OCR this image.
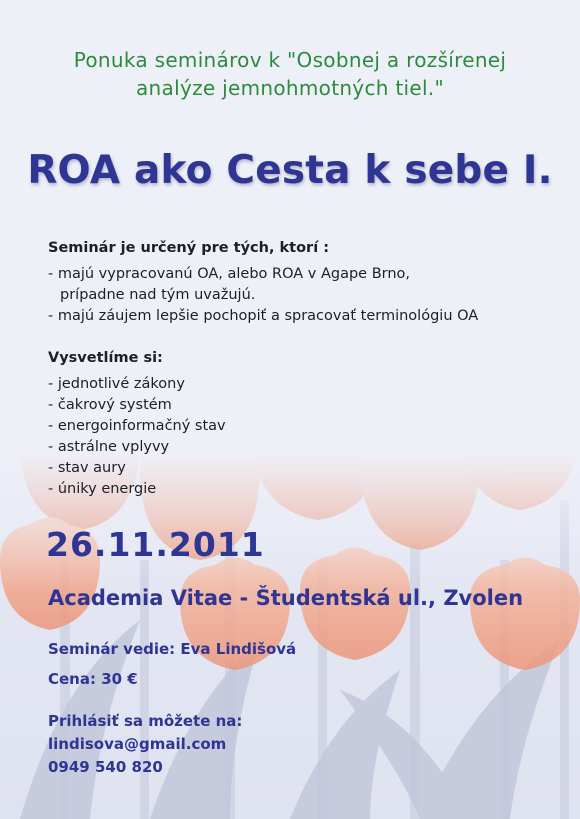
Ponuka seminárov k "Osobnej a rozšírenej
analýze jemnohmotných tiel."
ROA ako Cesta k sebe I.
Seminár je určený pre tých, ktorí :
- majú vypracovanú OA, alebo ROA v Agape Brno,
prípadne nad tým uvažujú.
- majú záujem lepšie pochopiť a spracovať terminológiu OA
Vysvetlíme si:
- jednotlivé zákony
- čakrový systém
- energoinformačný stav
- astrálne vplyvy
- stav aury
- úniky energie
26.11.2011
Academia Vitae - Študentská ul., Zvolen
Seminár vedie: Eva Lindišová
Cena: 30 €
Prihlásiť sa môžete na:
lindisova@gmail.com
0949 540 820
